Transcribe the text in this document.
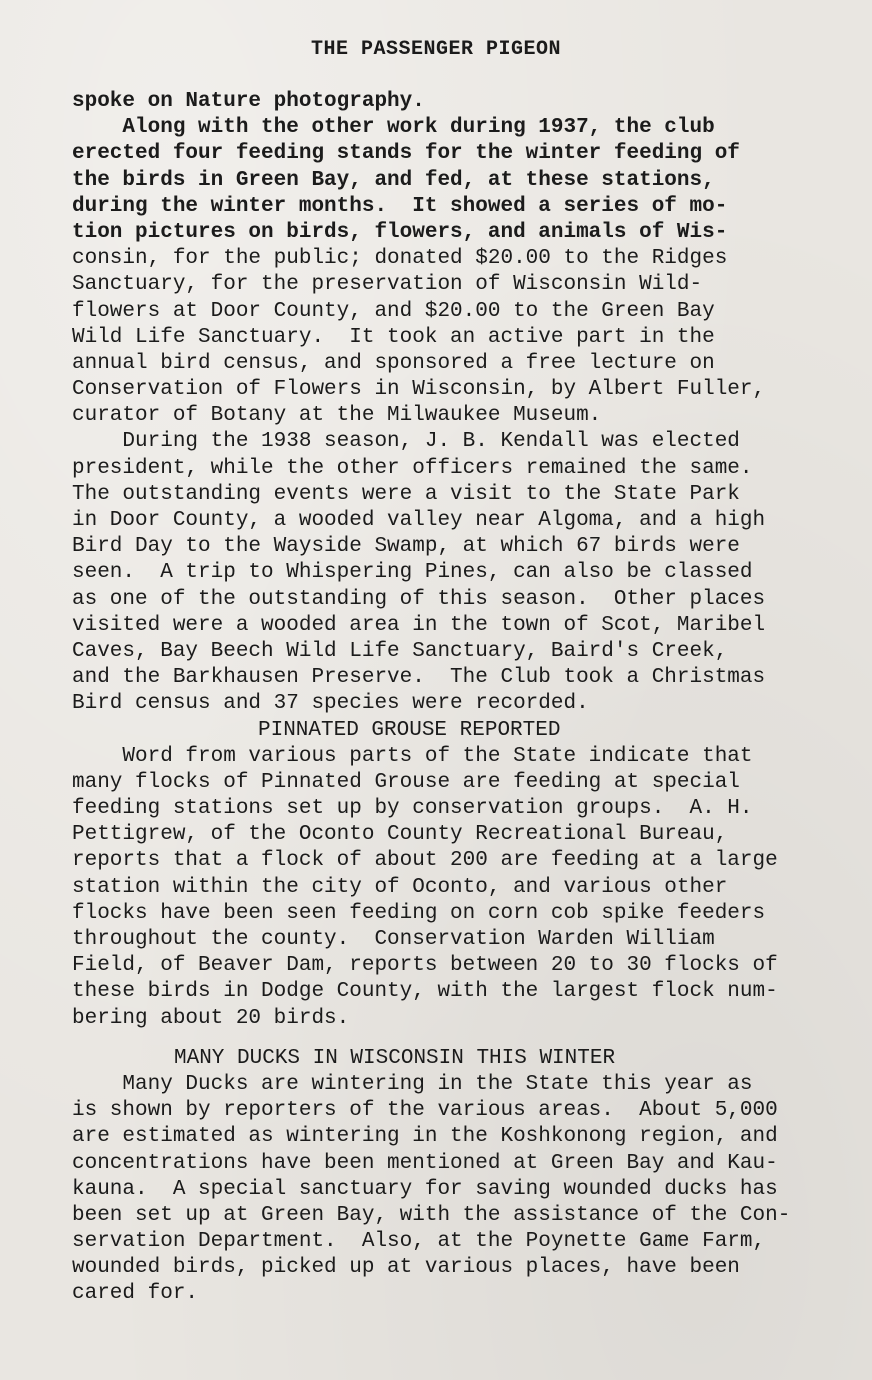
THE PASSENGER PIGEON
spoke on Nature photography.
Along with the other work during 1937, the club
erected four feeding stands for the winter feeding of
the birds in Green Bay, and fed, at these stations,
during the winter months.  It showed a series of mo-
tion pictures on birds, flowers, and animals of Wis-
consin, for the public; donated $20.00 to the Ridges
Sanctuary, for the preservation of Wisconsin Wild-
flowers at Door County, and $20.00 to the Green Bay
Wild Life Sanctuary.  It took an active part in the
annual bird census, and sponsored a free lecture on
Conservation of Flowers in Wisconsin, by Albert Fuller,
curator of Botany at the Milwaukee Museum.
During the 1938 season, J. B. Kendall was elected
president, while the other officers remained the same.
The outstanding events were a visit to the State Park
in Door County, a wooded valley near Algoma, and a high
Bird Day to the Wayside Swamp, at which 67 birds were
seen.  A trip to Whispering Pines, can also be classed
as one of the outstanding of this season.  Other places
visited were a wooded area in the town of Scot, Maribel
Caves, Bay Beech Wild Life Sanctuary, Baird's Creek,
and the Barkhausen Preserve.  The Club took a Christmas
Bird census and 37 species were recorded.
PINNATED GROUSE REPORTED
Word from various parts of the State indicate that
many flocks of Pinnated Grouse are feeding at special
feeding stations set up by conservation groups.  A. H.
Pettigrew, of the Oconto County Recreational Bureau,
reports that a flock of about 200 are feeding at a large
station within the city of Oconto, and various other
flocks have been seen feeding on corn cob spike feeders
throughout the county.  Conservation Warden William
Field, of Beaver Dam, reports between 20 to 30 flocks of
these birds in Dodge County, with the largest flock num-
bering about 20 birds.
MANY DUCKS IN WISCONSIN THIS WINTER
Many Ducks are wintering in the State this year as
is shown by reporters of the various areas.  About 5,000
are estimated as wintering in the Koshkonong region, and
concentrations have been mentioned at Green Bay and Kau-
kauna.  A special sanctuary for saving wounded ducks has
been set up at Green Bay, with the assistance of the Con-
servation Department.  Also, at the Poynette Game Farm,
wounded birds, picked up at various places, have been
cared for.
